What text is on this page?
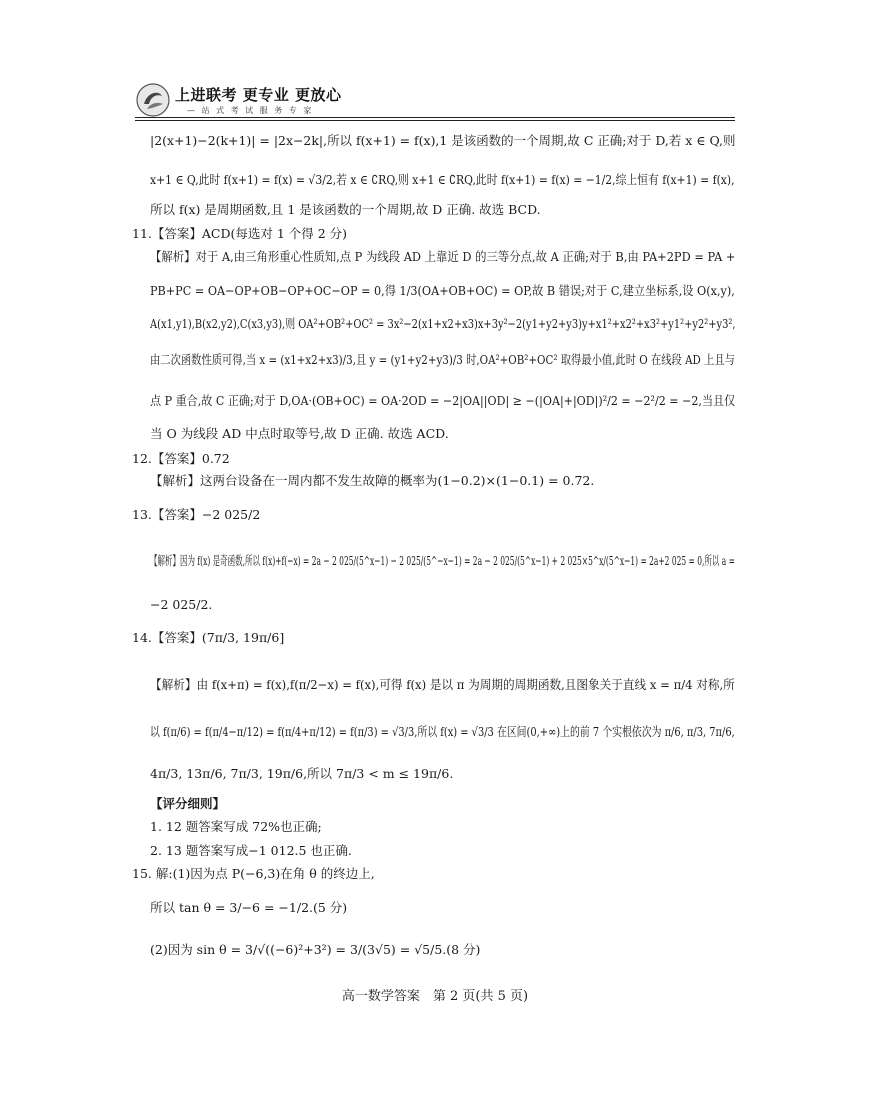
上进联考 更专业 更放心
— 站 式 考 试 服 务 专 家
|2(x+1)−2(k+1)| = |2x−2k|,所以 f(x+1) = f(x),1 是该函数的一个周期,故 C 正确;对于 D,若 x ∈ Q,则
x+1 ∈ Q,此时 f(x+1) = f(x) = √3/2,若 x ∈ ∁RQ,则 x+1 ∈ ∁RQ,此时 f(x+1) = f(x) = −1/2,综上恒有 f(x+1) = f(x),
所以 f(x) 是周期函数,且 1 是该函数的一个周期,故 D 正确. 故选 BCD.
11.【答案】ACD(每选对 1 个得 2 分)
【解析】对于 A,由三角形重心性质知,点 P 为线段 AD 上靠近 D 的三等分点,故 A 正确;对于 B,由 PA+2PD = PA +
PB+PC = OA−OP+OB−OP+OC−OP = 0,得 1/3(OA+OB+OC) = OP,故 B 错误;对于 C,建立坐标系,设 O(x,y),
A(x1,y1),B(x2,y2),C(x3,y3),则 OA²+OB²+OC² = 3x²−2(x1+x2+x3)x+3y²−2(y1+y2+y3)y+x1²+x2²+x3²+y1²+y2²+y3²,
由二次函数性质可得,当 x = (x1+x2+x3)/3,且 y = (y1+y2+y3)/3 时,OA²+OB²+OC² 取得最小值,此时 O 在线段 AD 上且与
点 P 重合,故 C 正确;对于 D,OA·(OB+OC) = OA·2OD = −2|OA||OD| ≥ −(|OA|+|OD|)²/2 = −2²/2 = −2,当且仅
当 O 为线段 AD 中点时取等号,故 D 正确. 故选 ACD.
12.【答案】0.72
【解析】这两台设备在一周内都不发生故障的概率为(1−0.2)×(1−0.1) = 0.72.
13.【答案】−2 025/2
【解析】因为 f(x) 是奇函数,所以 f(x)+f(−x) = 2a − 2 025/(5^x−1) − 2 025/(5^−x−1) = 2a − 2 025/(5^x−1) + 2 025×5^x/(5^x−1) = 2a+2 025 = 0,所以 a =
−2 025/2.
14.【答案】(7π/3, 19π/6]
【解析】由 f(x+π) = f(x),f(π/2−x) = f(x),可得 f(x) 是以 π 为周期的周期函数,且图象关于直线 x = π/4 对称,所
以 f(π/6) = f(π/4−π/12) = f(π/4+π/12) = f(π/3) = √3/3,所以 f(x) = √3/3 在区间(0,+∞)上的前 7 个实根依次为 π/6, π/3, 7π/6,
4π/3, 13π/6, 7π/3, 19π/6,所以 7π/3 < m ≤ 19π/6.
【评分细则】
1. 12 题答案写成 72%也正确;
2. 13 题答案写成−1 012.5 也正确.
15. 解:(1)因为点 P(−6,3)在角 θ 的终边上,
所以 tan θ = 3/−6 = −1/2.(5 分)
(2)因为 sin θ = 3/√((−6)²+3²) = 3/(3√5) = √5/5.(8 分)
高一数学答案　第 2 页(共 5 页)
